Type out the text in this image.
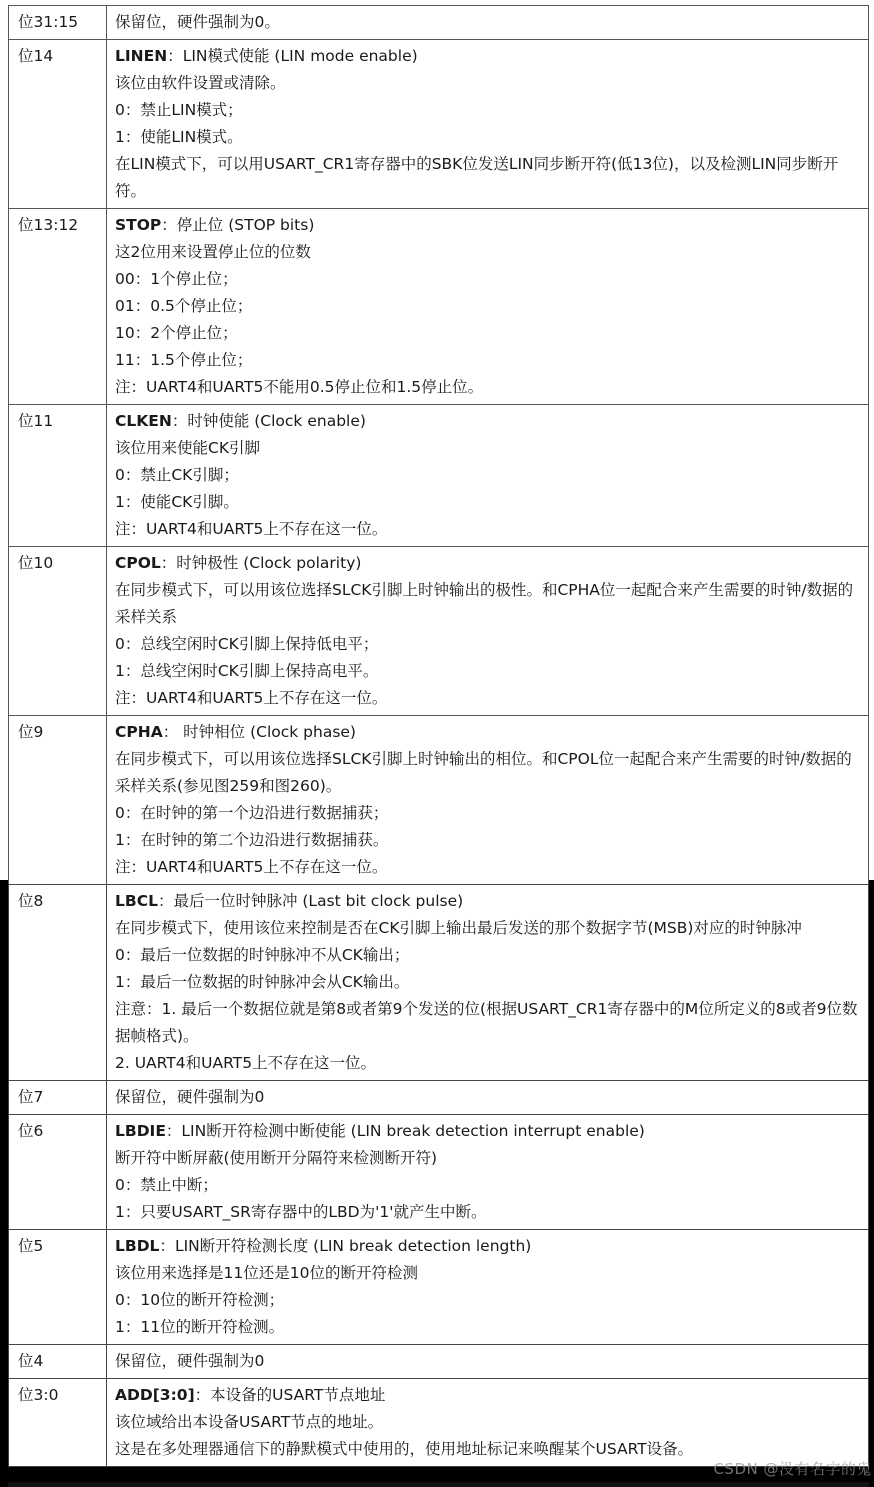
位31:15	保留位，硬件强制为0。

位14	LINEN：LIN模式使能 (LIN mode enable)
该位由软件设置或清除。
0：禁止LIN模式；
1：使能LIN模式。
在LIN模式下，可以用USART_CR1寄存器中的SBK位发送LIN同步断开符(低13位)，以及检测LIN同步断开符。

位13:12	STOP：停止位 (STOP bits)
这2位用来设置停止位的位数
00：1个停止位；
01：0.5个停止位；
10：2个停止位；
11：1.5个停止位；
注：UART4和UART5不能用0.5停止位和1.5停止位。

位11	CLKEN：时钟使能 (Clock enable)
该位用来使能CK引脚
0：禁止CK引脚；
1：使能CK引脚。
注：UART4和UART5上不存在这一位。

位10	CPOL：时钟极性 (Clock polarity)
在同步模式下，可以用该位选择SLCK引脚上时钟输出的极性。和CPHA位一起配合来产生需要的时钟/数据的采样关系
0：总线空闲时CK引脚上保持低电平；
1：总线空闲时CK引脚上保持高电平。
注：UART4和UART5上不存在这一位。

位9	CPHA： 时钟相位 (Clock phase)
在同步模式下，可以用该位选择SLCK引脚上时钟输出的相位。和CPOL位一起配合来产生需要的时钟/数据的采样关系(参见图259和图260)。
0：在时钟的第一个边沿进行数据捕获；
1：在时钟的第二个边沿进行数据捕获。
注：UART4和UART5上不存在这一位。
位8	LBCL：最后一位时钟脉冲 (Last bit clock pulse)
在同步模式下，使用该位来控制是否在CK引脚上输出最后发送的那个数据字节(MSB)对应的时钟脉冲
0：最后一位数据的时钟脉冲不从CK输出；
1：最后一位数据的时钟脉冲会从CK输出。
注意：1. 最后一个数据位就是第8或者第9个发送的位(根据USART_CR1寄存器中的M位所定义的8或者9位数据帧格式)。
2. UART4和UART5上不存在这一位。

位7	保留位，硬件强制为0

位6	LBDIE：LIN断开符检测中断使能 (LIN break detection interrupt enable)
断开符中断屏蔽(使用断开分隔符来检测断开符)
0：禁止中断；
1：只要USART_SR寄存器中的LBD为'1'就产生中断。

位5	LBDL：LIN断开符检测长度 (LIN break detection length)
该位用来选择是11位还是10位的断开符检测
0：10位的断开符检测；
1：11位的断开符检测。

位4	保留位，硬件强制为0

位3:0	ADD[3:0]：本设备的USART节点地址
该位域给出本设备USART节点的地址。
这是在多处理器通信下的静默模式中使用的，使用地址标记来唤醒某个USART设备。
CSDN @没有名字的鬼
